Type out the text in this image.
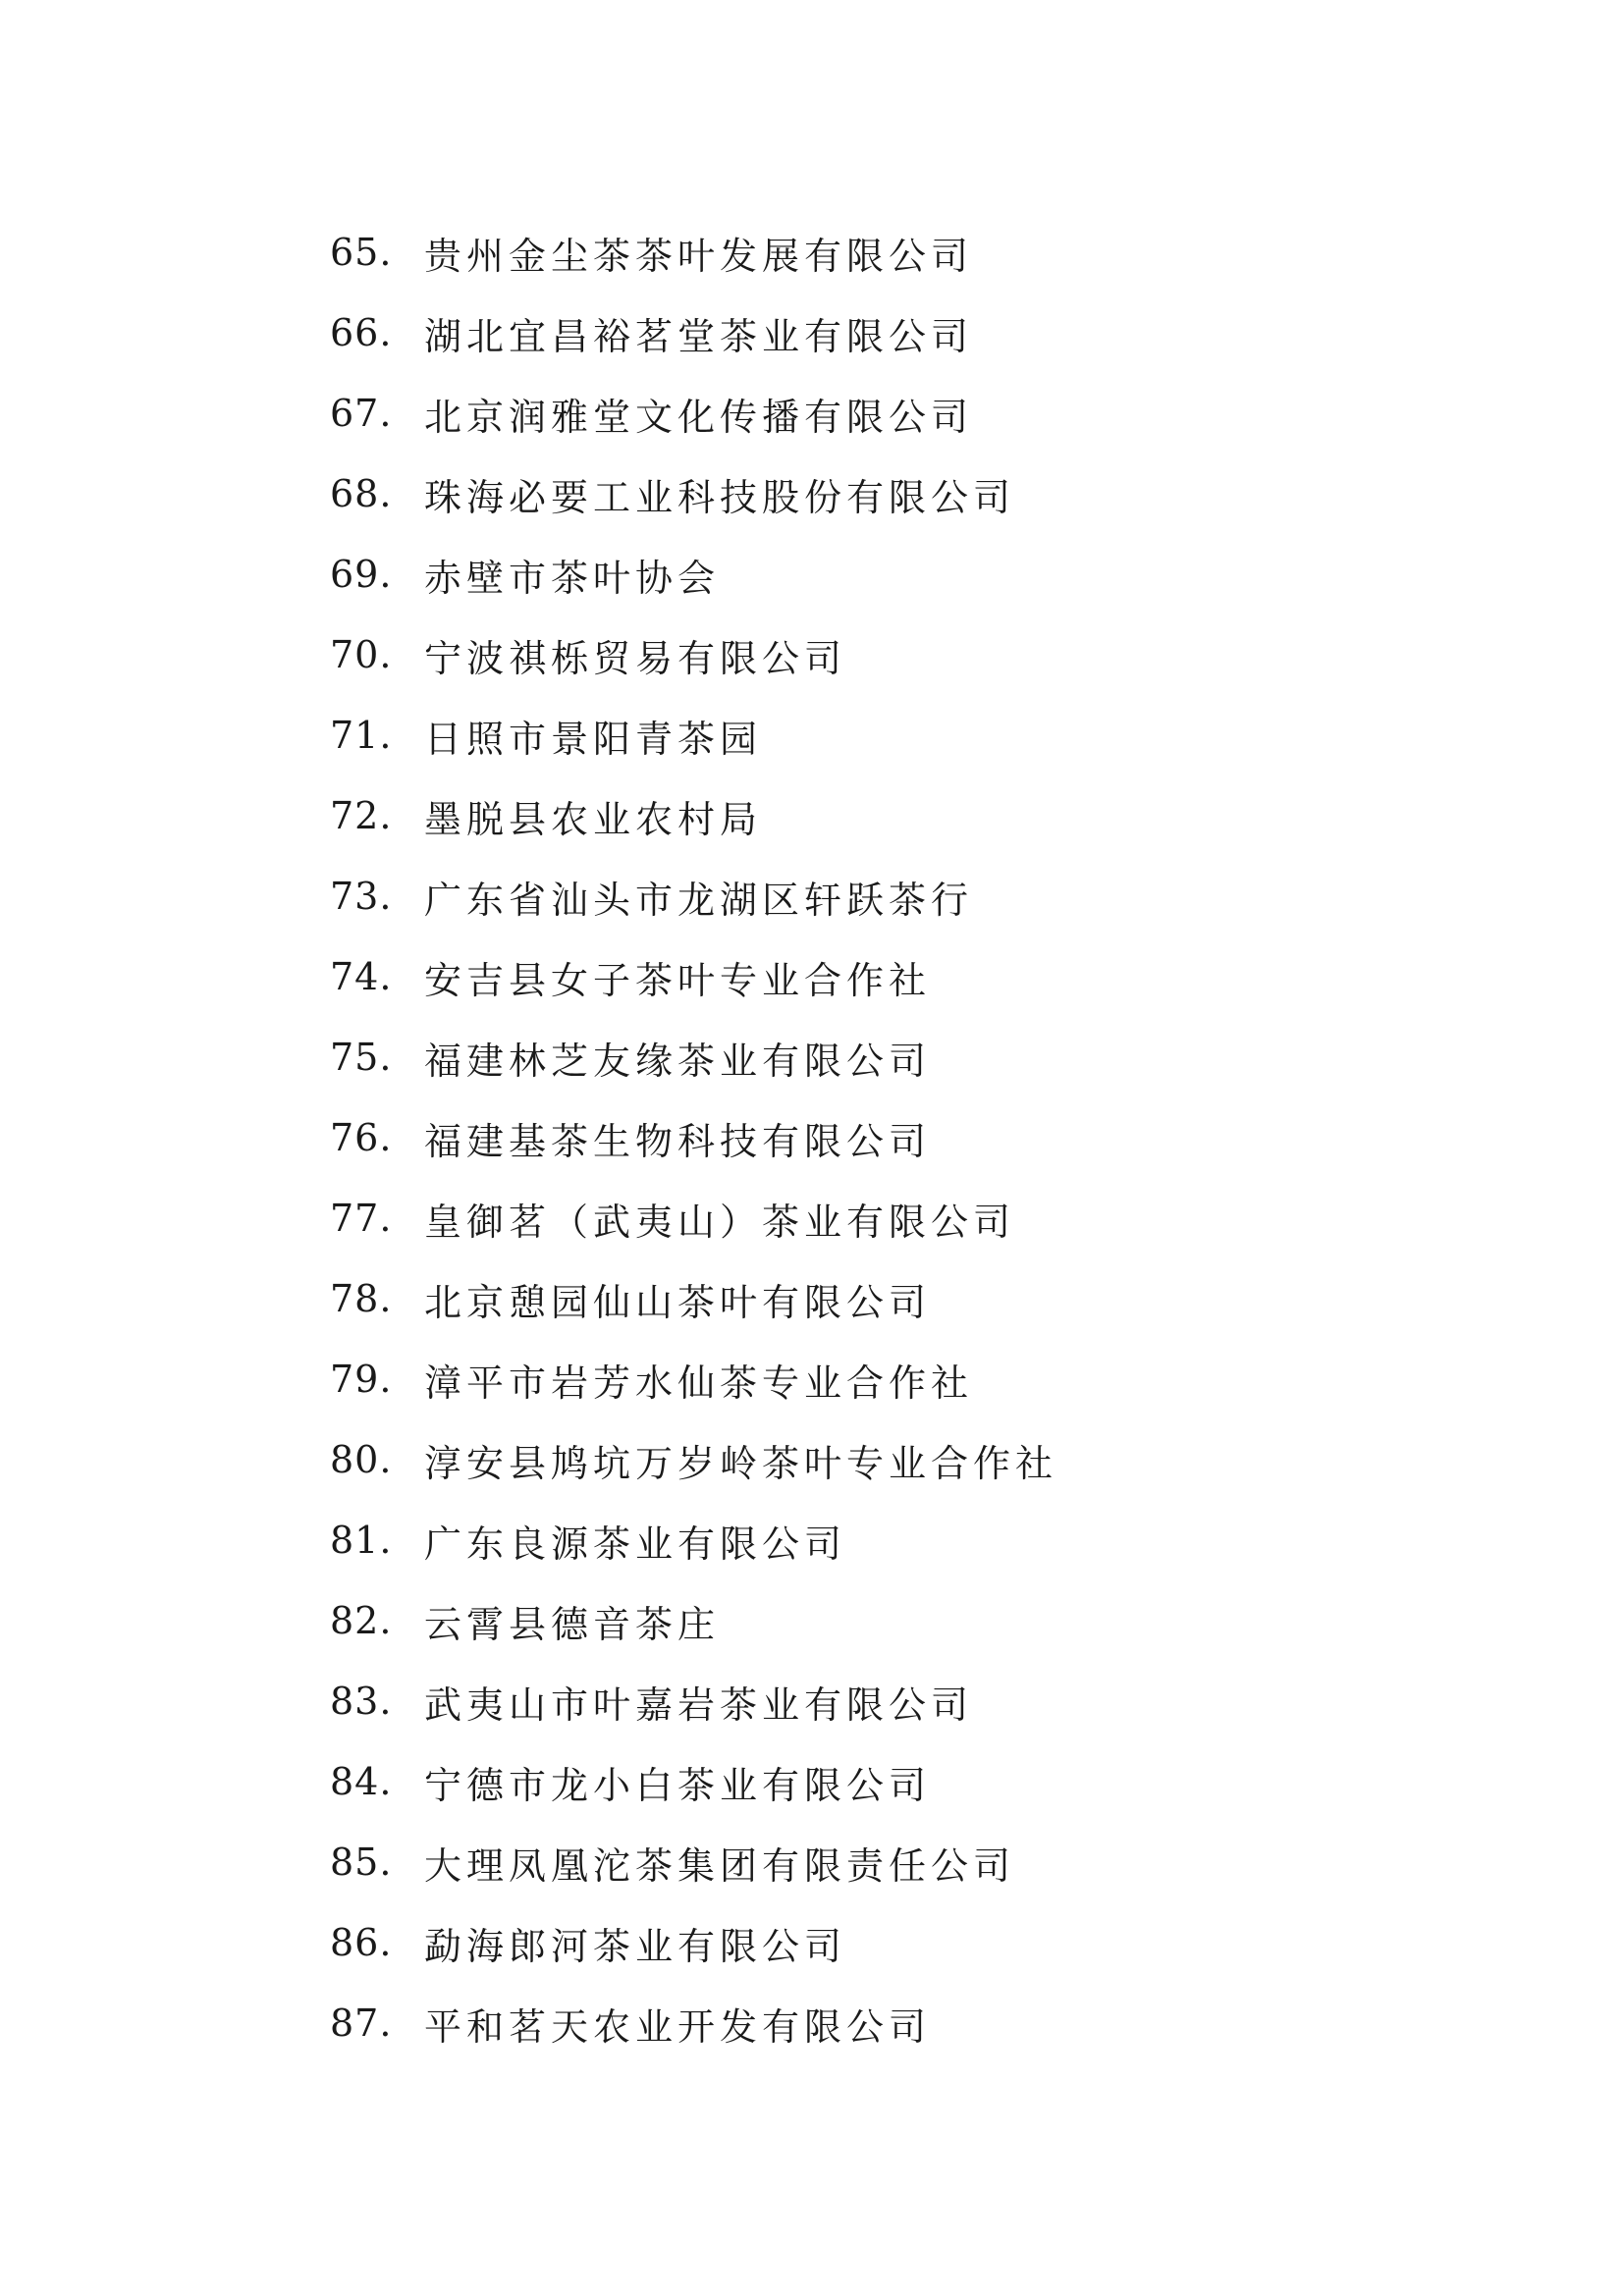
65. 贵州金尘茶茶叶发展有限公司
66. 湖北宜昌裕茗堂茶业有限公司
67. 北京润雅堂文化传播有限公司
68. 珠海必要工业科技股份有限公司
69. 赤壁市茶叶协会
70. 宁波祺栎贸易有限公司
71. 日照市景阳青茶园
72. 墨脱县农业农村局
73. 广东省汕头市龙湖区轩跃茶行
74. 安吉县女子茶叶专业合作社
75. 福建林芝友缘茶业有限公司
76. 福建基茶生物科技有限公司
77. 皇御茗（武夷山）茶业有限公司
78. 北京憩园仙山茶叶有限公司
79. 漳平市岩芳水仙茶专业合作社
80. 淳安县鸠坑万岁岭茶叶专业合作社
81. 广东良源茶业有限公司
82. 云霄县德音茶庄
83. 武夷山市叶嘉岩茶业有限公司
84. 宁德市龙小白茶业有限公司
85. 大理凤凰沱茶集团有限责任公司
86. 勐海郎河茶业有限公司
87. 平和茗天农业开发有限公司
